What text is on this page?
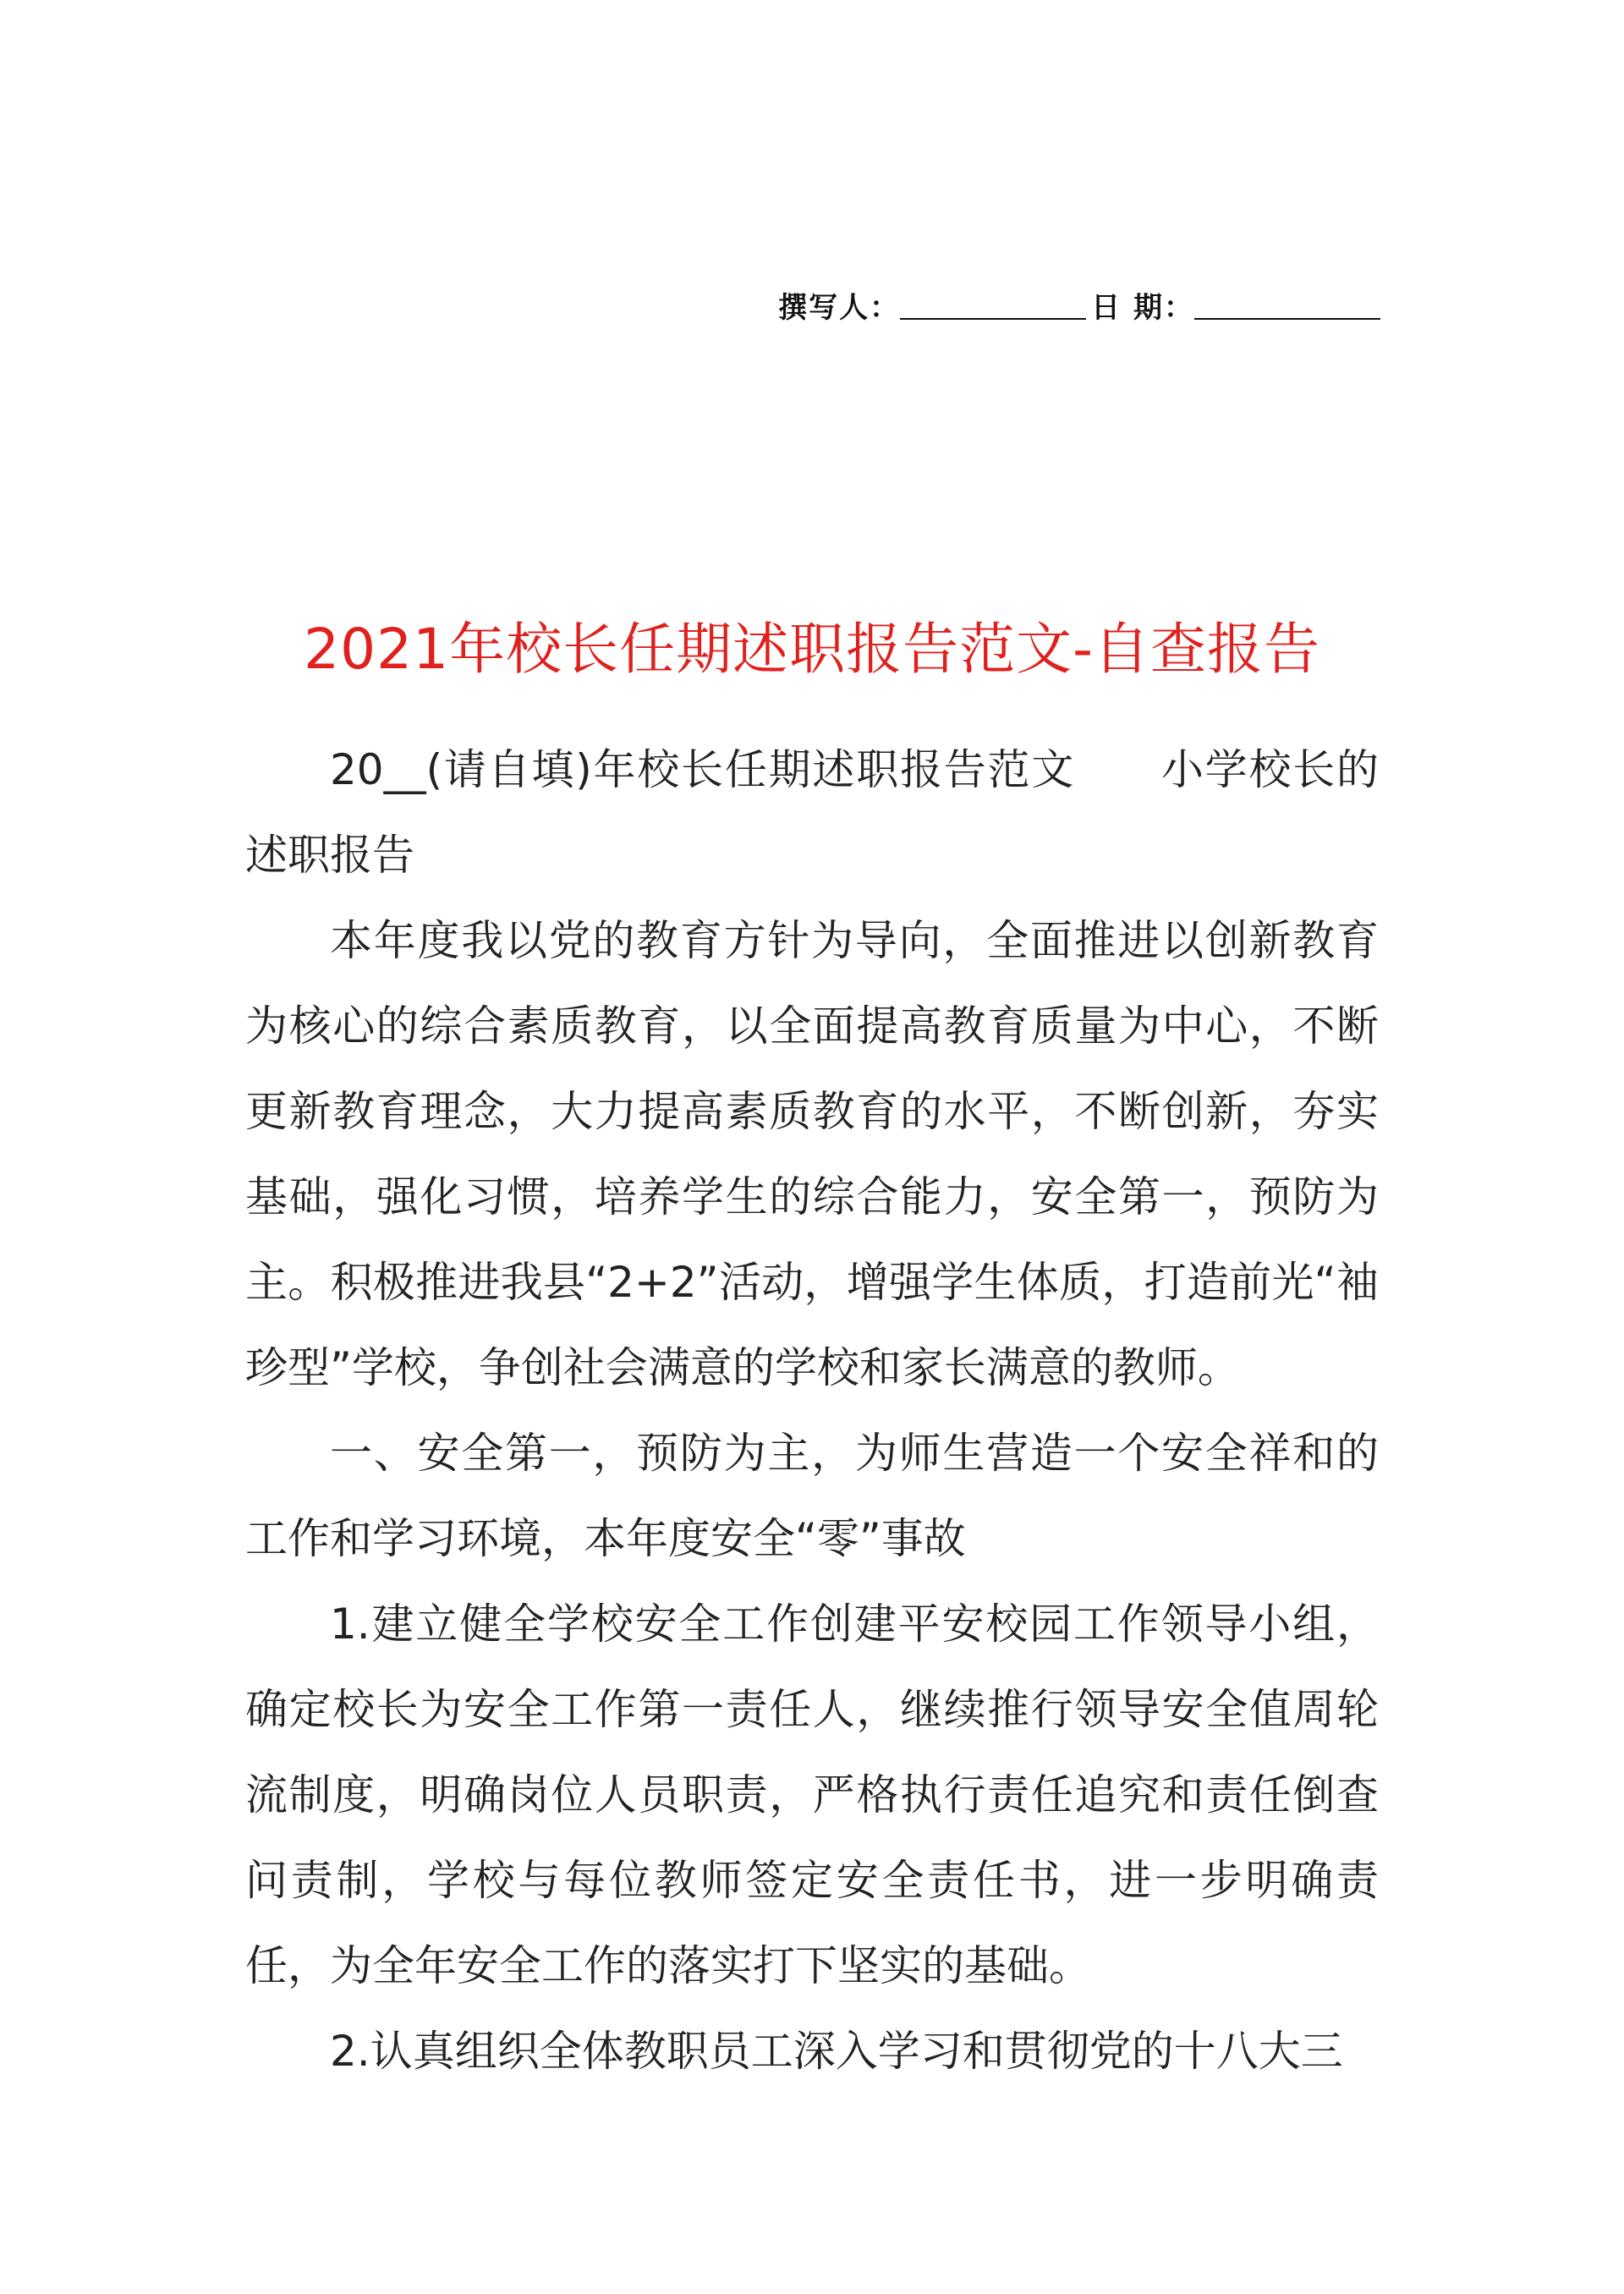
撰写人：	日 期：
2021年校长任期述职报告范文-自查报告

20__(请自填)年校长任期述职报告范文 小学校长的述职报告

本年度我以党的教育方针为导向，全面推进以创新教育为核心的综合素质教育，以全面提高教育质量为中心，不断更新教育理念，大力提高素质教育的水平，不断创新，夯实基础，强化习惯，培养学生的综合能力，安全第一，预防为主。积极推进我县“2+2”活动，增强学生体质，打造前光“袖珍型”学校，争创社会满意的学校和家长满意的教师。

一、安全第一，预防为主，为师生营造一个安全祥和的工作和学习环境，本年度安全“零”事故

1.建立健全学校安全工作创建平安校园工作领导小组，确定校长为安全工作第一责任人，继续推行领导安全值周轮流制度，明确岗位人员职责，严格执行责任追究和责任倒查问责制，学校与每位教师签定安全责任书，进一步明确责任，为全年安全工作的落实打下坚实的基础。

2.认真组织全体教职员工深入学习和贯彻党的十八大三
